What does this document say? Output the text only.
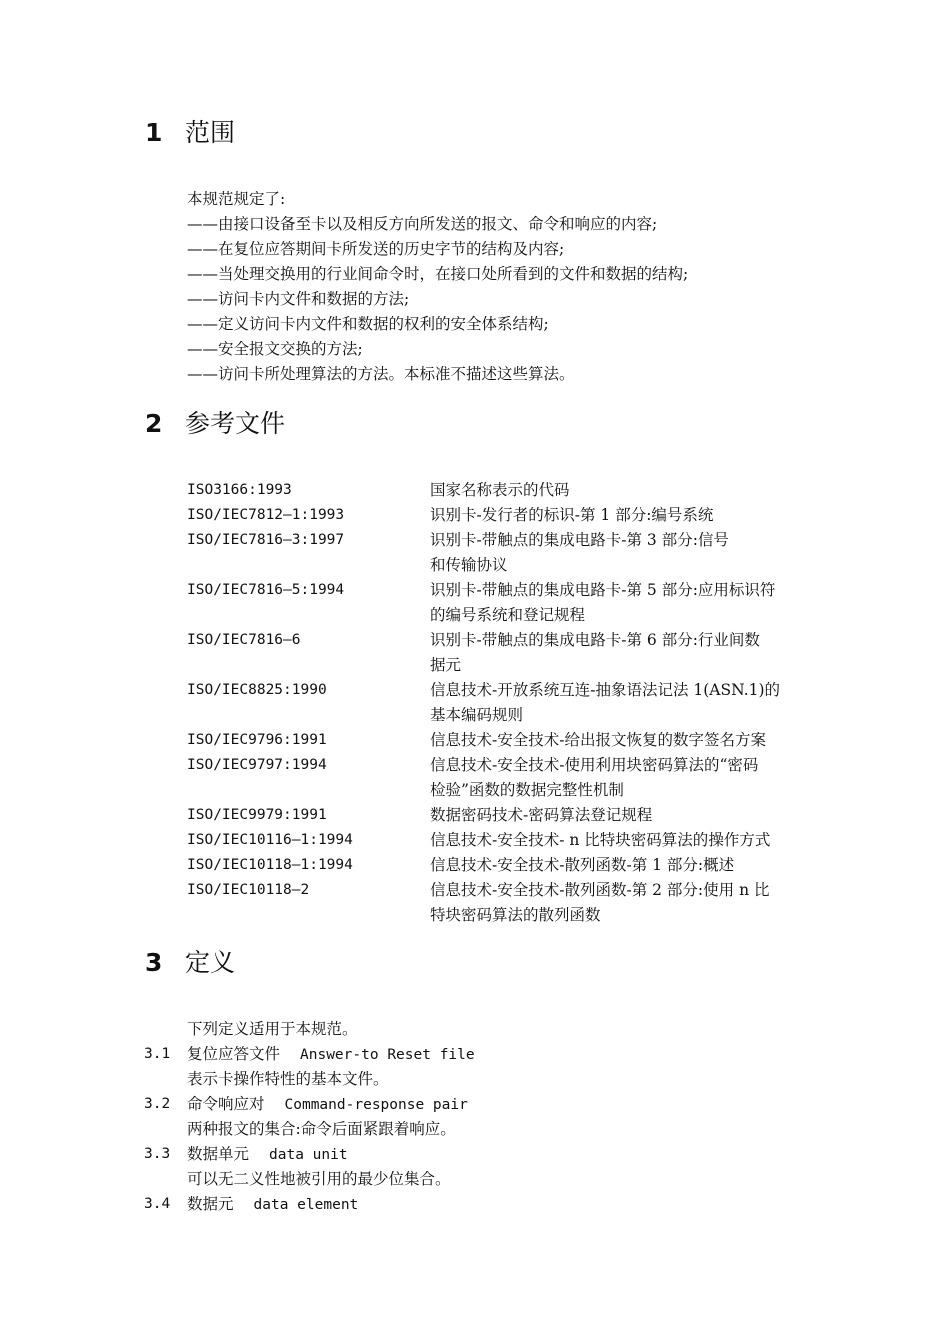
1 范围
本规范规定了:
——由接口设备至卡以及相反方向所发送的报文、命令和响应的内容;
——在复位应答期间卡所发送的历史字节的结构及内容;
——当处理交换用的行业间命令时，在接口处所看到的文件和数据的结构;
——访问卡内文件和数据的方法;
——定义访问卡内文件和数据的权利的安全体系结构;
——安全报文交换的方法;
——访问卡所处理算法的方法。本标准不描述这些算法。
2 参考文件
ISO3166:1993	国家名称表示的代码
ISO/IEC7812—1:1993	识别卡-发行者的标识-第 1 部分:编号系统
ISO/IEC7816—3:1997	识别卡-带触点的集成电路卡-第 3 部分:信号
和传输协议
ISO/IEC7816—5:1994	识别卡-带触点的集成电路卡-第 5 部分:应用标识符
的编号系统和登记规程
ISO/IEC7816—6	识别卡-带触点的集成电路卡-第 6 部分:行业间数
据元
ISO/IEC8825:1990	信息技术-开放系统互连-抽象语法记法 1(ASN.1)的
基本编码规则
ISO/IEC9796:1991	信息技术-安全技术-给出报文恢复的数字签名方案
ISO/IEC9797:1994	信息技术-安全技术-使用利用块密码算法的“密码
检验”函数的数据完整性机制
ISO/IEC9979:1991	数据密码技术-密码算法登记规程
ISO/IEC10116—1:1994	信息技术-安全技术- n 比特块密码算法的操作方式
ISO/IEC10118—1:1994	信息技术-安全技术-散列函数-第 1 部分:概述
ISO/IEC10118—2	信息技术-安全技术-散列函数-第 2 部分:使用 n 比
特块密码算法的散列函数
3 定义
下列定义适用于本规范。
3.1 复位应答文件 Answer-to Reset file
表示卡操作特性的基本文件。
3.2 命令响应对 Command-response pair
两种报文的集合:命令后面紧跟着响应。
3.3 数据单元 data unit
可以无二义性地被引用的最少位集合。
3.4 数据元 data element
